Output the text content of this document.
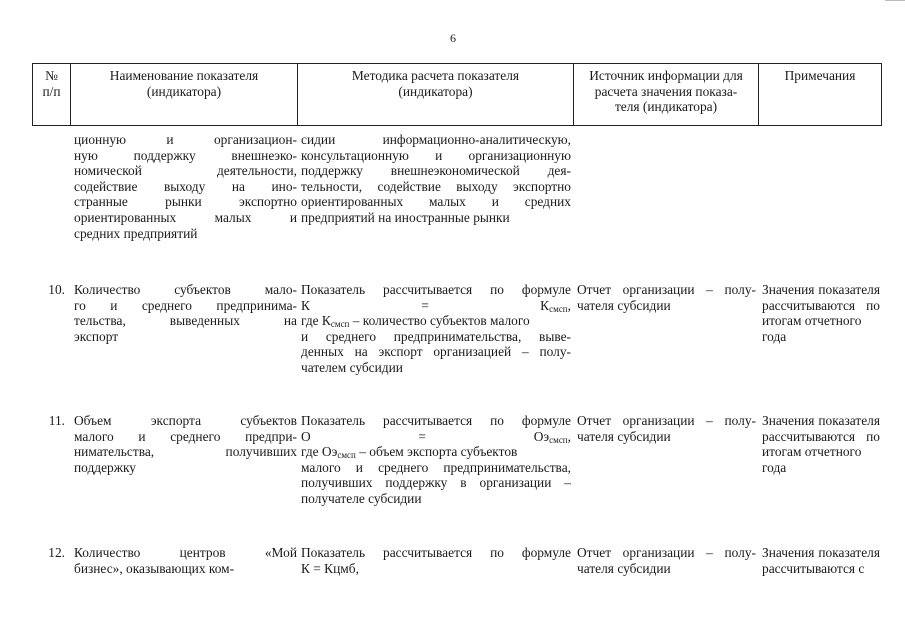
6
№
п/п
Наименование показателя
(индикатора)
Методика расчета показателя
(индикатора)
Источник информации для
расчета значения показа-
теля (индикатора)
Примечания
ционную и организацион-
ную поддержку внешнеэко-
номической деятельности,
содействие выходу на ино-
странные рынки экспортно
ориентированных малых и
средних предприятий
сидии информационно-аналитическую,
консультационную и организационную
поддержку внешнеэкономической дея-
тельности, содействие выходу экспортно
ориентированных малых и средних
предприятий на иностранные рынки
10. Количество субъектов мало-
го и среднего предпринима-
тельства, выведенных на
экспорт
Показатель рассчитывается по формуле
$К = К_{смсп}$,
где $К_{смсп}$ – количество субъектов малого
и среднего предпринимательства, выве-
денных на экспорт организацией – полу-
чателем субсидии
Отчет организации – полу-
чателя субсидии
Значения показателя
рассчитываются по
итогам отчетного года
11. Объем экспорта субъектов
малого и среднего предпри-
нимательства, получивших
поддержку
Показатель рассчитывается по формуле
$О = Оэ_{смсп}$,
где $Оэ_{смсп}$ – объем экспорта субъектов
малого и среднего предпринимательства,
получивших поддержку в организации –
получателе субсидии
Отчет организации – полу-
чателя субсидии
Значения показателя
рассчитываются по
итогам отчетного года
12. Количество центров «Мой
бизнес», оказывающих ком-
Показатель рассчитывается по формуле
К = Кцмб,
Отчет организации – полу-
чателя субсидии
Значения показателя
рассчитываются с
